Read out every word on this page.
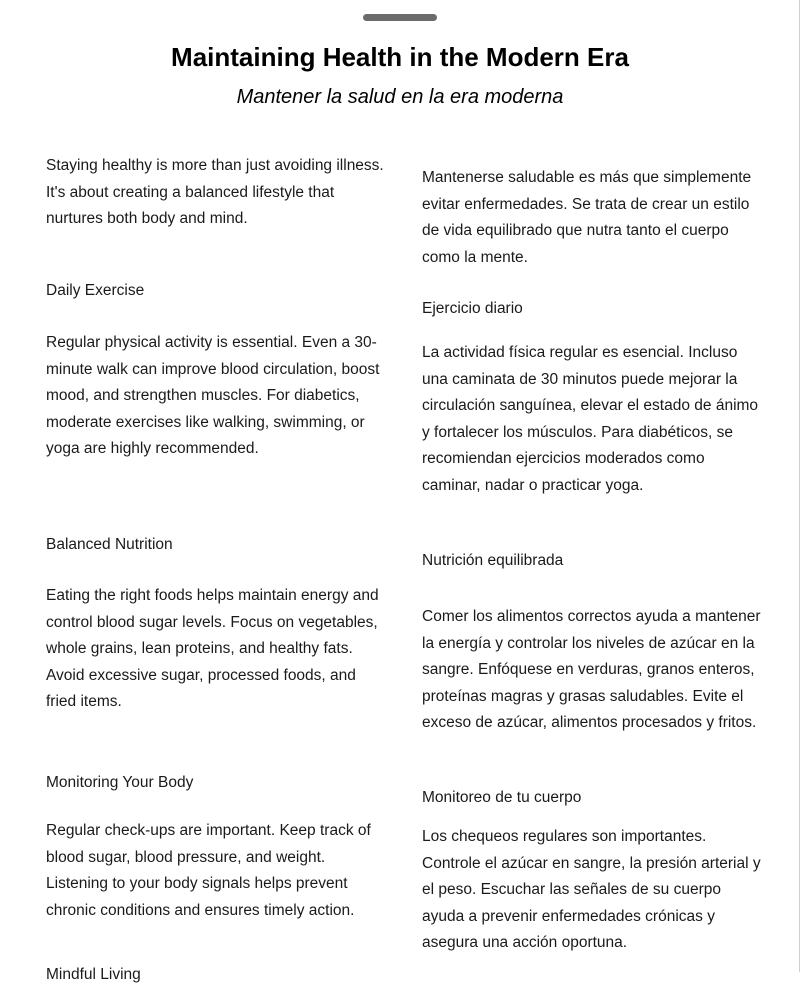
Maintaining Health in the Modern Era
Mantener la salud en la era moderna

Staying healthy is more than just avoiding illness. It's about creating a balanced lifestyle that nurtures both body and mind.

Daily Exercise

Regular physical activity is essential. Even a 30-minute walk can improve blood circulation, boost mood, and strengthen muscles. For diabetics, moderate exercises like walking, swimming, or yoga are highly recommended.

Balanced Nutrition

Eating the right foods helps maintain energy and control blood sugar levels. Focus on vegetables, whole grains, lean proteins, and healthy fats. Avoid excessive sugar, processed foods, and fried items.

Monitoring Your Body

Regular check-ups are important. Keep track of blood sugar, blood pressure, and weight. Listening to your body signals helps prevent chronic conditions and ensures timely action.

Mindful Living

Mantenerse saludable es más que simplemente evitar enfermedades. Se trata de crear un estilo de vida equilibrado que nutra tanto el cuerpo como la mente.

Ejercicio diario

La actividad física regular es esencial. Incluso una caminata de 30 minutos puede mejorar la circulación sanguínea, elevar el estado de ánimo y fortalecer los músculos. Para diabéticos, se recomiendan ejercicios moderados como caminar, nadar o practicar yoga.

Nutrición equilibrada

Comer los alimentos correctos ayuda a mantener la energía y controlar los niveles de azúcar en la sangre. Enfóquese en verduras, granos enteros, proteínas magras y grasas saludables. Evite el exceso de azúcar, alimentos procesados y fritos.

Monitoreo de tu cuerpo

Los chequeos regulares son importantes. Controle el azúcar en sangre, la presión arterial y el peso. Escuchar las señales de su cuerpo ayuda a prevenir enfermedades crónicas y asegura una acción oportuna.
